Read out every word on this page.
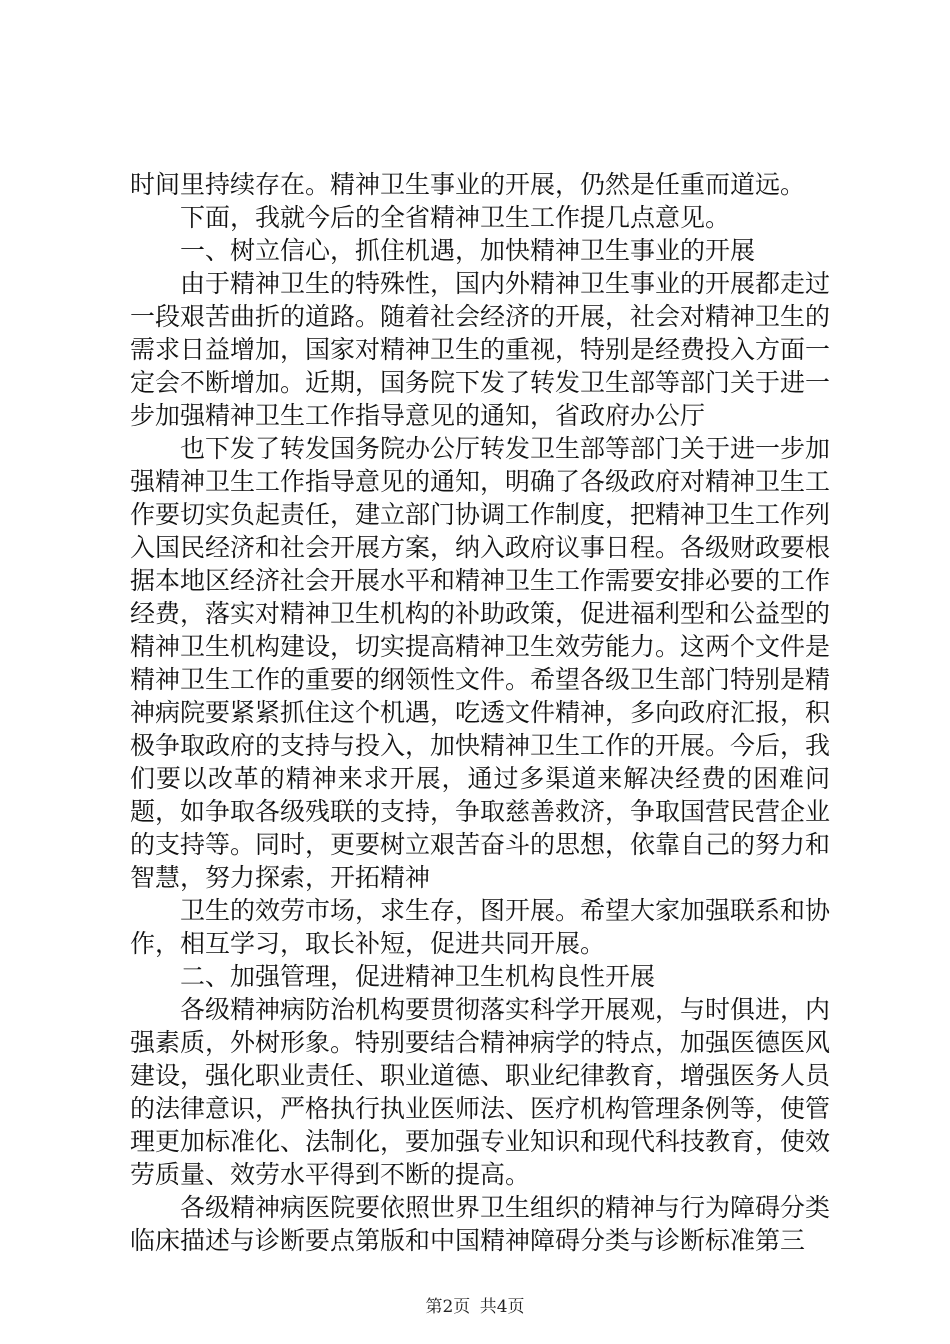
时间里持续存在。精神卫生事业的开展，仍然是任重而道远。

下面，我就今后的全省精神卫生工作提几点意见。

一、树立信心，抓住机遇，加快精神卫生事业的开展

由于精神卫生的特殊性，国内外精神卫生事业的开展都走过一段艰苦曲折的道路。随着社会经济的开展，社会对精神卫生的需求日益增加，国家对精神卫生的重视，特别是经费投入方面一定会不断增加。近期，国务院下发了转发卫生部等部门关于进一步加强精神卫生工作指导意见的通知，省政府办公厅

也下发了转发国务院办公厅转发卫生部等部门关于进一步加强精神卫生工作指导意见的通知，明确了各级政府对精神卫生工作要切实负起责任，建立部门协调工作制度，把精神卫生工作列入国民经济和社会开展方案，纳入政府议事日程。各级财政要根据本地区经济社会开展水平和精神卫生工作需要安排必要的工作经费，落实对精神卫生机构的补助政策，促进福利型和公益型的精神卫生机构建设，切实提高精神卫生效劳能力。这两个文件是精神卫生工作的重要的纲领性文件。希望各级卫生部门特别是精神病院要紧紧抓住这个机遇，吃透文件精神，多向政府汇报，积极争取政府的支持与投入，加快精神卫生工作的开展。今后，我们要以改革的精神来求开展，通过多渠道来解决经费的困难问题，如争取各级残联的支持，争取慈善救济，争取国营民营企业的支持等。同时，更要树立艰苦奋斗的思想，依靠自己的努力和智慧，努力探索，开拓精神

卫生的效劳市场，求生存，图开展。希望大家加强联系和协作，相互学习，取长补短，促进共同开展。

二、加强管理，促进精神卫生机构良性开展

各级精神病防治机构要贯彻落实科学开展观，与时俱进，内强素质，外树形象。特别要结合精神病学的特点，加强医德医风建设，强化职业责任、职业道德、职业纪律教育，增强医务人员的法律意识，严格执行执业医师法、医疗机构管理条例等，使管理更加标准化、法制化，要加强专业知识和现代科技教育，使效劳质量、效劳水平得到不断的提高。

各级精神病医院要依照世界卫生组织的精神与行为障碍分类临床描述与诊断要点第版和中国精神障碍分类与诊断标准第三

第2页 共4页
